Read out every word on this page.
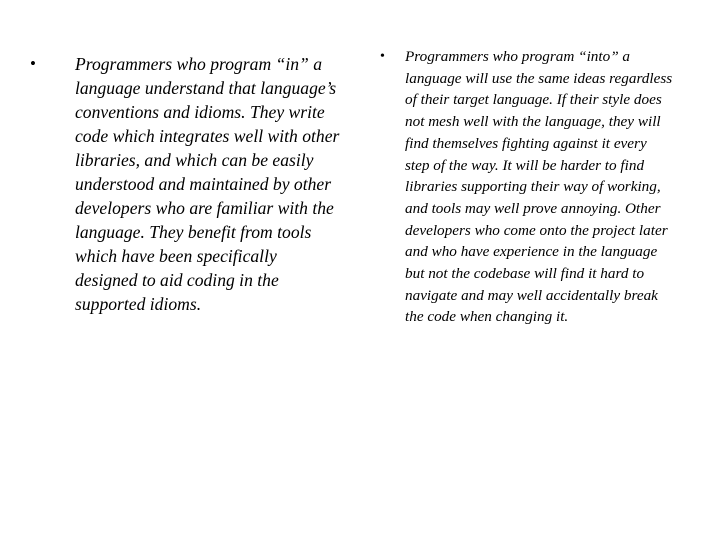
• Programmers who program “in” a language understand that language’s conventions and idioms. They write code which integrates well with other libraries, and which can be easily understood and maintained by other developers who are familiar with the language. They benefit from tools which have been specifically designed to aid coding in the supported idioms.

• Programmers who program “into” a language will use the same ideas regardless of their target language. If their style does not mesh well with the language, they will find themselves fighting against it every step of the way. It will be harder to find libraries supporting their way of working, and tools may well prove annoying. Other developers who come onto the project later and who have experience in the language but not the codebase will find it hard to navigate and may well accidentally break the code when changing it.
